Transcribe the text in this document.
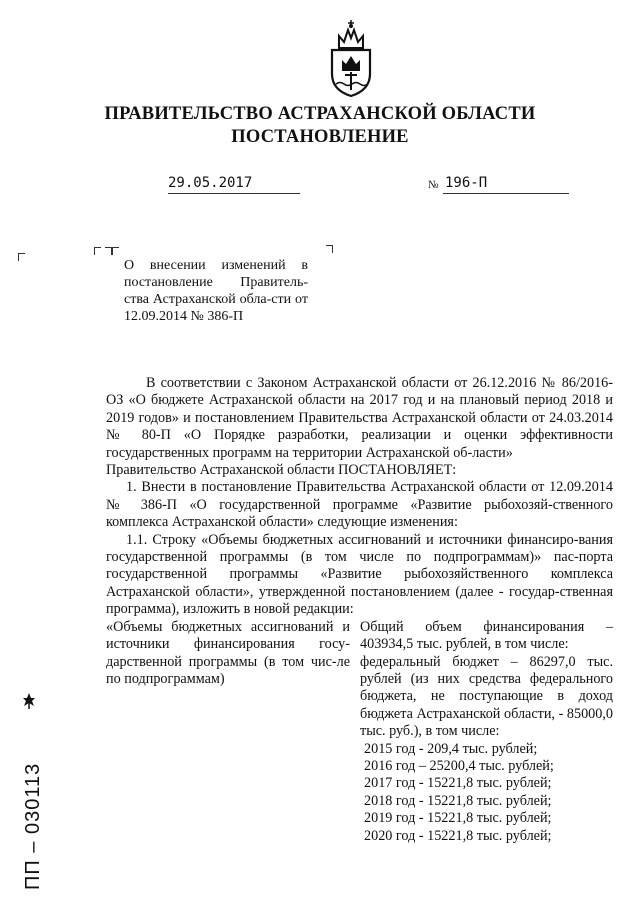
ПРАВИТЕЛЬСТВО АСТРАХАНСКОЙ ОБЛАСТИ
ПОСТАНОВЛЕНИЕ
29.05.2017	№ 196-П
О внесении изменений в постановление Правитель-ства Астраханской обла-сти от 12.09.2014 № 386-П

В соответствии с Законом Астраханской области от 26.12.2016 № 86/2016-ОЗ «О бюджете Астраханской области на 2017 год и на плановый период 2018 и 2019 годов» и постановлением Правительства Астраханской области от 24.03.2014 № 80-П «О Порядке разработки, реализации и оценки эффективности государственных программ на территории Астраханской об-ласти»

Правительство Астраханской области ПОСТАНОВЛЯЕТ:

1. Внести в постановление Правительства Астраханской области от 12.09.2014 № 386-П «О государственной программе «Развитие рыбохозяй-ственного комплекса Астраханской области» следующие изменения:

1.1. Строку «Объемы бюджетных ассигнований и источники финансиро-вания государственной программы (в том числе по подпрограммам)» пас-порта государственной программы «Развитие рыбохозяйственного комплекса Астраханской области», утвержденной постановлением (далее - государ-ственная программа), изложить в новой редакции:

«Объемы бюджетных ассигнований и источники финансирования госу-дарственной программы (в том чис-ле по подпрограммам)
Общий объем финансирования – 403934,5 тыс. рублей, в том числе:
федеральный бюджет – 86297,0 тыс. рублей (из них средства федерального бюджета, не поступающие в доход бюджета Астраханской области, - 85000,0 тыс. руб.), в том числе:
2015 год - 209,4 тыс. рублей;
2016 год – 25200,4 тыс. рублей;
2017 год - 15221,8 тыс. рублей;
2018 год - 15221,8 тыс. рублей;
2019 год - 15221,8 тыс. рублей;
2020 год - 15221,8 тыс. рублей;
ПП – 030113
